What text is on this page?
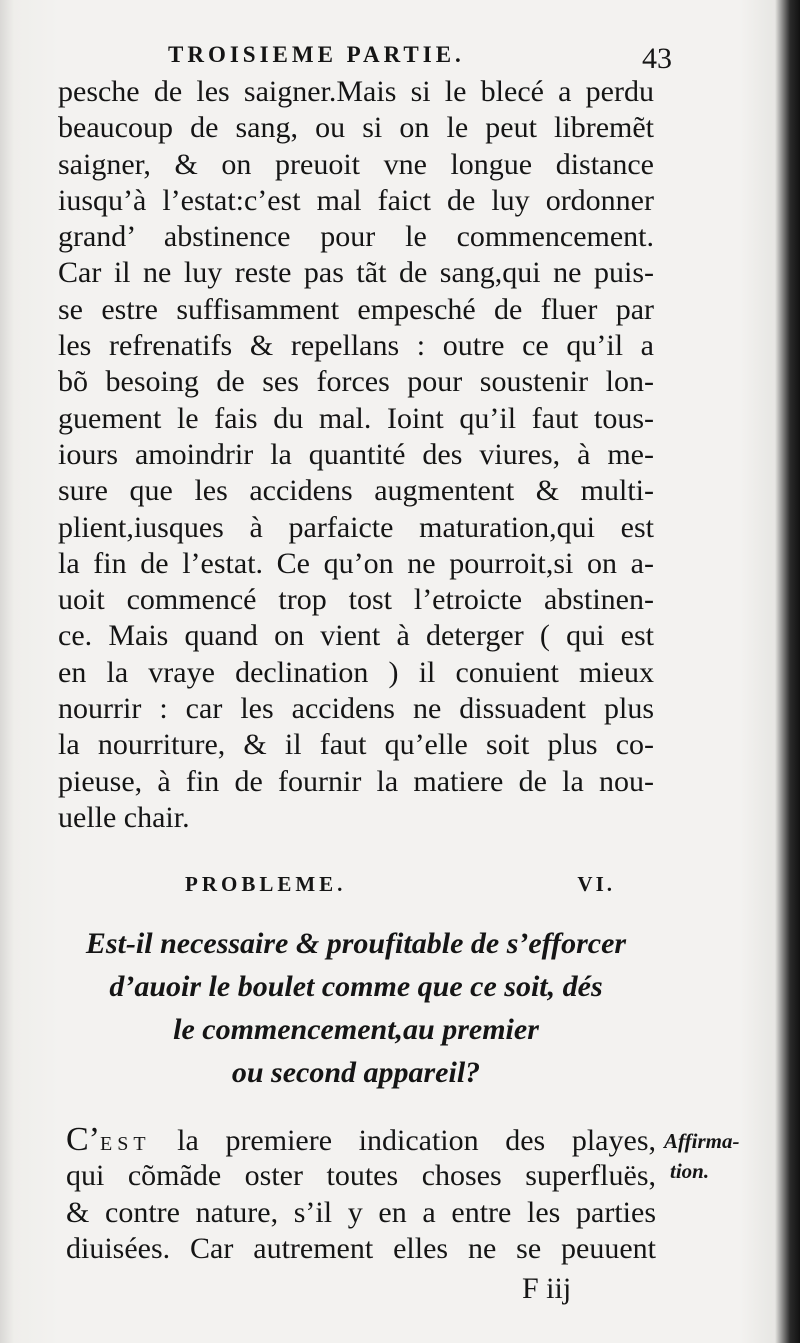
TROISIEME PARTIE.	43
pesche de les saigner.Mais si le blecé a perdu
beaucoup de sang, ou si on le peut libremẽt
saigner, & on preuoit vne longue distance
iusqu’à l’estat:c’est mal faict de luy ordonner
grand’ abstinence pour le commencement.
Car il ne luy reste pas tãt de sang,qui ne puis-
se estre suffisamment empesché de fluer par
les refrenatifs & repellans : outre ce qu’il a
bõ besoing de ses forces pour soustenir lon-
guement le fais du mal. Ioint qu’il faut tous-
iours amoindrir la quantité des viures, à me-
sure que les accidens augmentent & multi-
plient,iusques à parfaicte maturation,qui est
la fin de l’estat. Ce qu’on ne pourroit,si on a-
uoit commencé trop tost l’etroicte abstinen-
ce. Mais quand on vient à deterger ( qui est
en la vraye declination ) il conuient mieux
nourrir : car les accidens ne dissuadent plus
la nourriture, & il faut qu’elle soit plus co-
pieuse, à fin de fournir la matiere de la nou-
uelle chair.
PROBLEME.	VI.
Est-il necessaire & proufitable de s’efforcer
d’auoir le boulet comme que ce soit, dés
le commencement,au premier
ou second appareil?
C’EST la premiere indication des playes,
qui cõmãde oster toutes choses superfluës,
& contre nature, s’il y en a entre les parties
diuisées. Car autrement elles ne se peuuent
Affirma-
tion.
F iij
